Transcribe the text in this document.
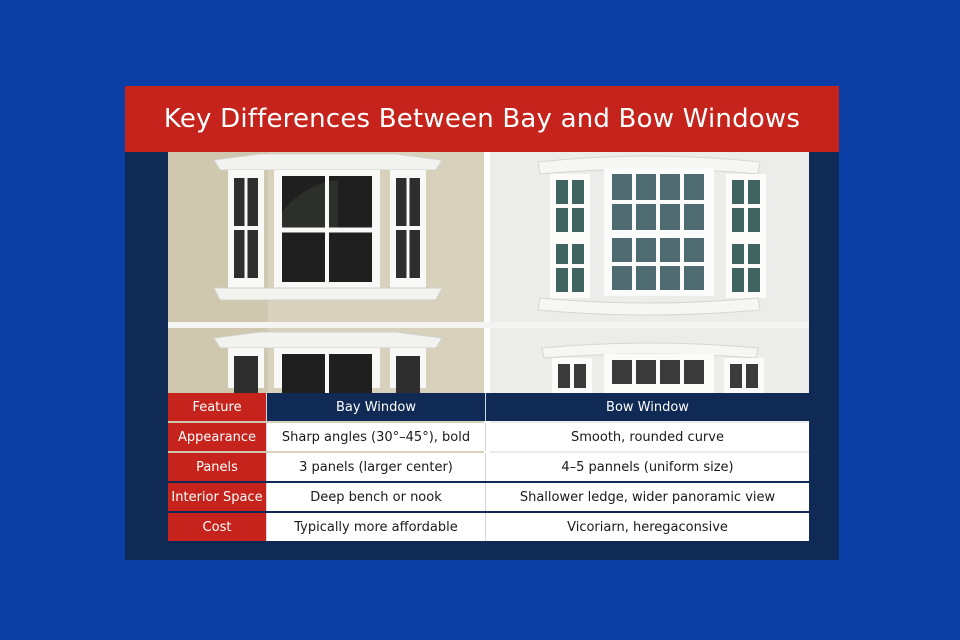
Key Differences Between Bay and Bow Windows
Feature	Bay Window	Bow Window
Appearance	Sharp angles (30°–45°), bold	Smooth, rounded curve
Panels	3 panels (larger center)	4–5 pannels (uniform size)
Interior Space	Deep bench or nook	Shallower ledge, wider panoramic view
Cost	Typically more affordable	Vicoriarn, heregaconsive
